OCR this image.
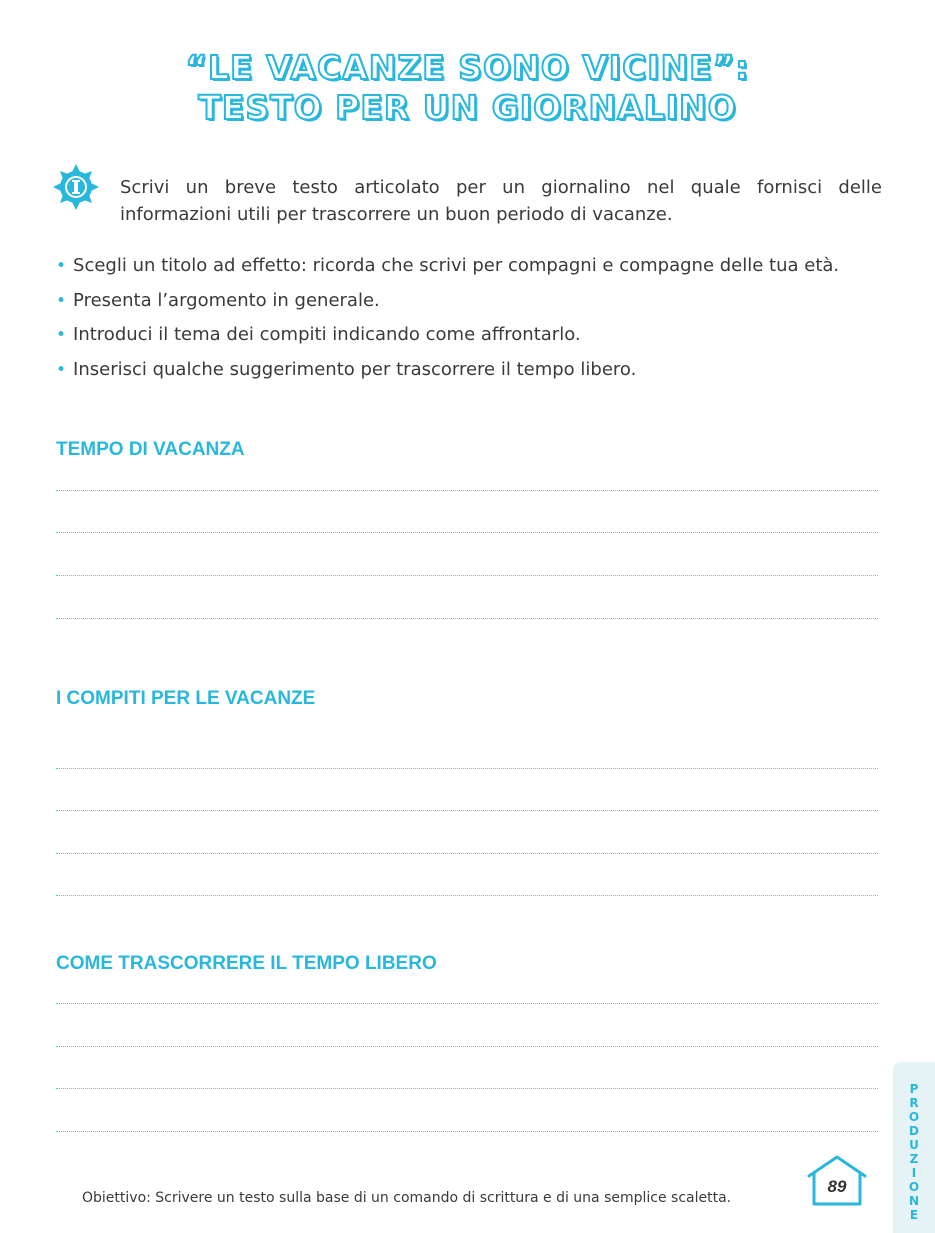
“LE VACANZE SONO VICINE”:
TESTO PER UN GIORNALINO
Scrivi un breve testo articolato per un giornalino nel quale fornisci delle informazioni utili per trascorrere un buon periodo di vacanze.
• Scegli un titolo ad effetto: ricorda che scrivi per compagni e compagne delle tua età.
• Presenta l’argomento in generale.
• Introduci il tema dei compiti indicando come affrontarlo.
• Inserisci qualche suggerimento per trascorrere il tempo libero.
TEMPO DI VACANZA
I COMPITI PER LE VACANZE
COME TRASCORRERE IL TEMPO LIBERO
P
R
O
D
U
Z
I
O
N
E
Obiettivo: Scrivere un testo sulla base di un comando di scrittura e di una semplice scaletta.
89
